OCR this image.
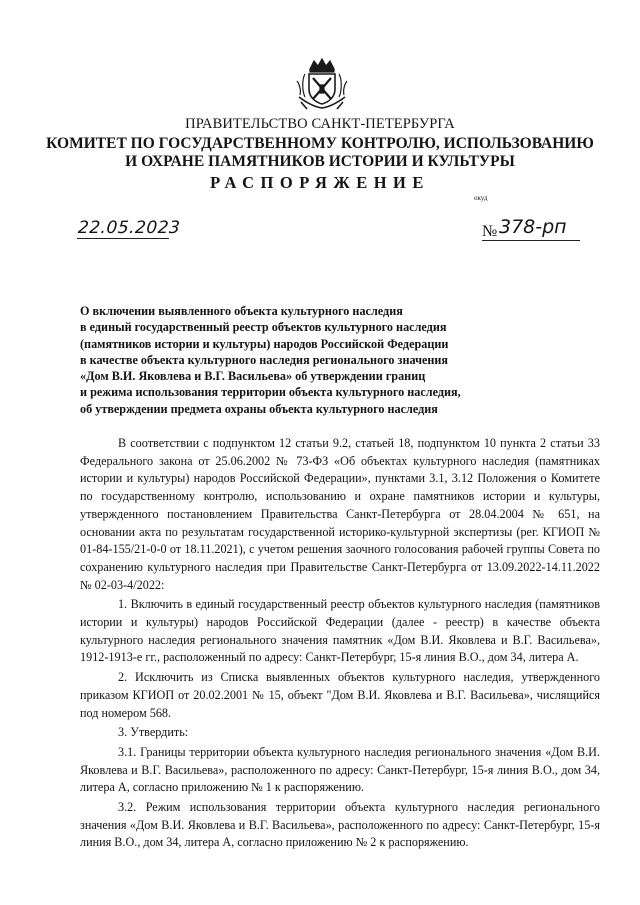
ПРАВИТЕЛЬСТВО САНКТ-ПЕТЕРБУРГА
КОМИТЕТ ПО ГОСУДАРСТВЕННОМУ КОНТРОЛЮ, ИСПОЛЬЗОВАНИЮ
И ОХРАНЕ ПАМЯТНИКОВ ИСТОРИИ И КУЛЬТУРЫ
РАСПОРЯЖЕНИЕ
окуд
22.05.2023	№ 378-рп
О включении выявленного объекта культурного наследия
в единый государственный реестр объектов культурного наследия
(памятников истории и культуры) народов Российской Федерации
в качестве объекта культурного наследия регионального значения
«Дом В.И. Яковлева и В.Г. Васильева» об утверждении границ
и режима использования территории объекта культурного наследия,
об утверждении предмета охраны объекта культурного наследия

В соответствии с подпунктом 12 статьи 9.2, статьей 18, подпунктом 10 пункта 2 статьи 33 Федерального закона от 25.06.2002 № 73-ФЗ «Об объектах культурного наследия (памятниках истории и культуры) народов Российской Федерации», пунктами 3.1, 3.12 Положения о Комитете по государственному контролю, использованию и охране памятников истории и культуры, утвержденного постановлением Правительства Санкт-Петербурга от 28.04.2004 № 651, на основании акта по результатам государственной историко-культурной экспертизы (рег. КГИОП № 01-84-155/21-0-0 от 18.11.2021), с учетом решения заочного голосования рабочей группы Совета по сохранению культурного наследия при Правительстве Санкт-Петербурга от 13.09.2022-14.11.2022 № 02-03-4/2022:

1. Включить в единый государственный реестр объектов культурного наследия (памятников истории и культуры) народов Российской Федерации (далее - реестр) в качестве объекта культурного наследия регионального значения памятник «Дом В.И. Яковлева и В.Г. Васильева», 1912-1913-е гг., расположенный по адресу: Санкт-Петербург, 15-я линия В.О., дом 34, литера А.

2. Исключить из Списка выявленных объектов культурного наследия, утвержденного приказом КГИОП от 20.02.2001 № 15, объект "Дом В.И. Яковлева и В.Г. Васильева», числящийся под номером 568.

3. Утвердить:

3.1. Границы территории объекта культурного наследия регионального значения «Дом В.И. Яковлева и В.Г. Васильева», расположенного по адресу: Санкт-Петербург, 15-я линия В.О., дом 34, литера А, согласно приложению № 1 к распоряжению.

3.2. Режим использования территории объекта культурного наследия регионального значения «Дом В.И. Яковлева и В.Г. Васильева», расположенного по адресу: Санкт-Петербург, 15-я линия В.О., дом 34, литера А, согласно приложению № 2 к распоряжению.
